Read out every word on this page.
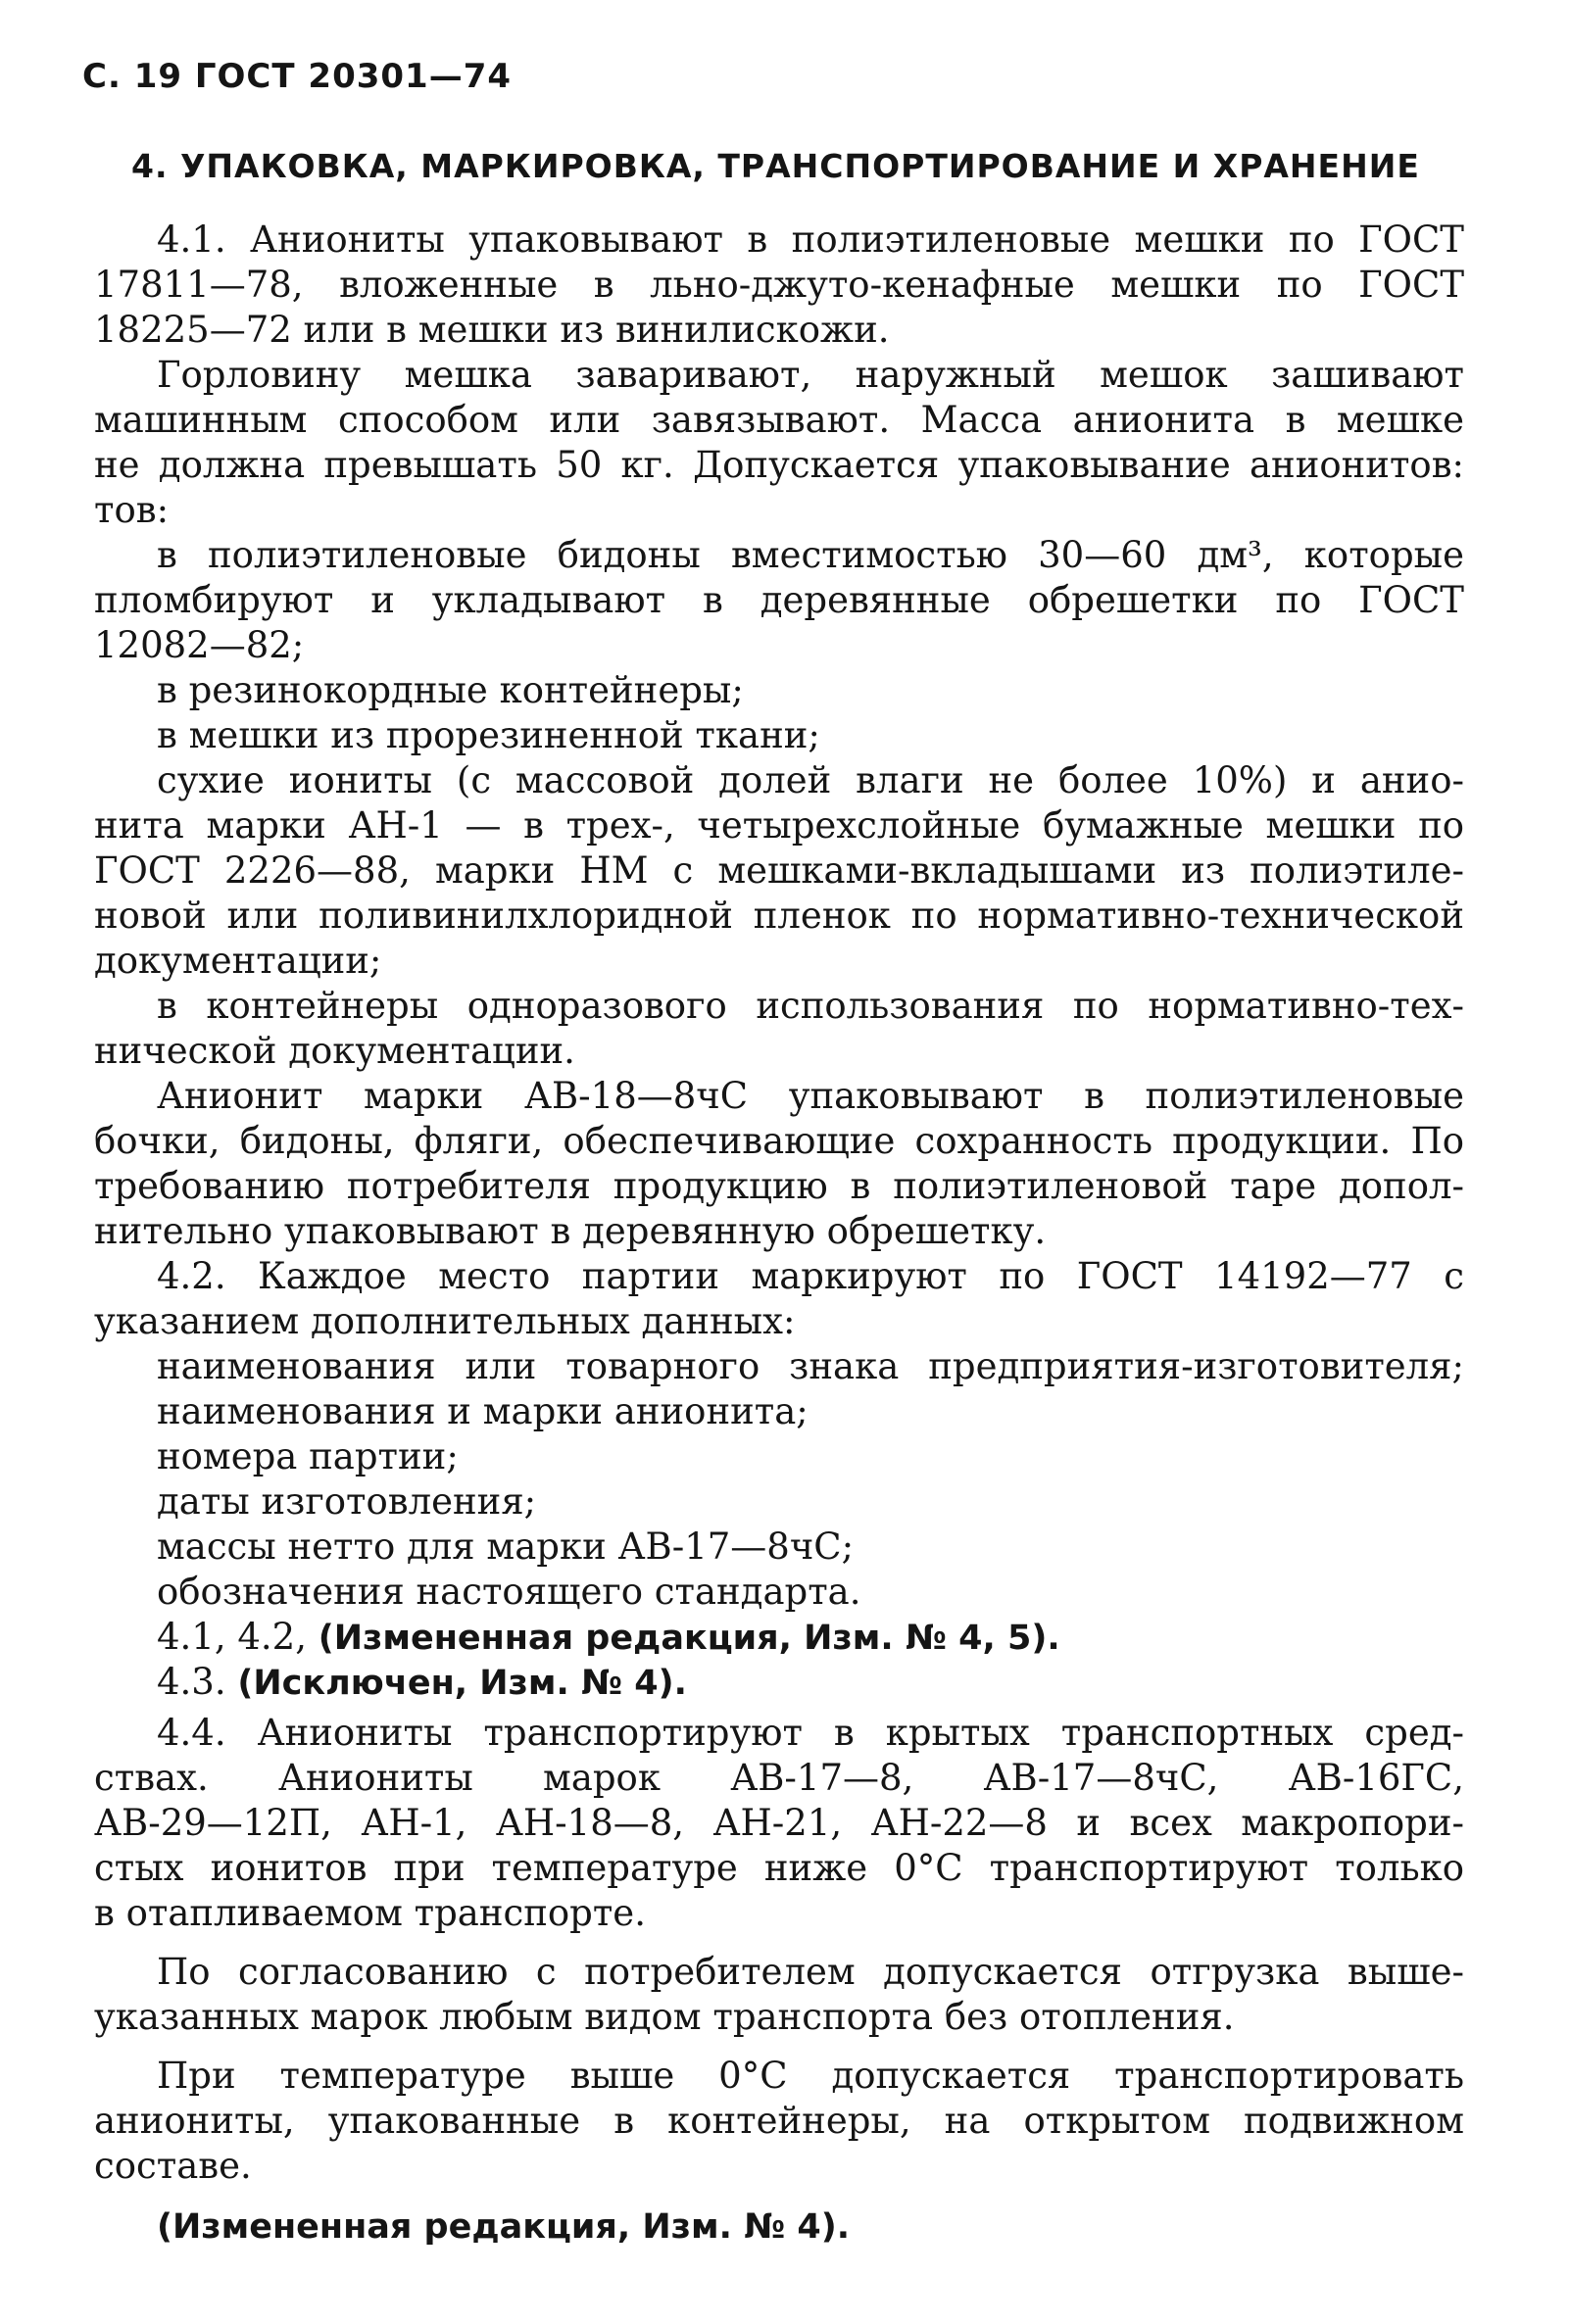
С. 19 ГОСТ 20301—74
4. УПАКОВКА, МАРКИРОВКА, ТРАНСПОРТИРОВАНИЕ И ХРАНЕНИЕ
4.1. Аниониты упаковывают в полиэтиленовые мешки по ГОСТ
17811—78, вложенные в льно-джуто-кенафные мешки по ГОСТ
18225—72 или в мешки из винилискожи.
Горловину мешка заваривают, наружный мешок зашивают
машинным способом или завязывают. Масса анионита в мешке
не должна превышать 50 кг. Допускается упаковывание анионитов:
тов:
в полиэтиленовые бидоны вместимостью 30—60 дм³, которые
пломбируют и укладывают в деревянные обрешетки по ГОСТ
12082—82;
в резинокордные контейнеры;
в мешки из прорезиненной ткани;
сухие иониты (с массовой долей влаги не более 10%) и анио-
нита марки АН-1 — в трех-, четырехслойные бумажные мешки по
ГОСТ 2226—88, марки НМ с мешками-вкладышами из полиэтиле-
новой или поливинилхлоридной пленок по нормативно-технической
документации;
в контейнеры одноразового использования по нормативно-тех-
нической документации.
Анионит марки АВ-18—8чС упаковывают в полиэтиленовые
бочки, бидоны, фляги, обеспечивающие сохранность продукции. По
требованию потребителя продукцию в полиэтиленовой таре допол-
нительно упаковывают в деревянную обрешетку.
4.2. Каждое место партии маркируют по ГОСТ 14192—77 с
указанием дополнительных данных:
наименования или товарного знака предприятия-изготовителя;
наименования и марки анионита;
номера партии;
даты изготовления;
массы нетто для марки АВ-17—8чС;
обозначения настоящего стандарта.
4.1, 4.2, (Измененная редакция, Изм. № 4, 5).
4.3. (Исключен, Изм. № 4).
4.4. Аниониты транспортируют в крытых транспортных сред-
ствах. Аниониты марок АВ-17—8, АВ-17—8чС, АВ-16ГС,
АВ-29—12П, АН-1, АН-18—8, АН-21, АН-22—8 и всех макропори-
стых ионитов при температуре ниже 0°С транспортируют только
в отапливаемом транспорте.
По согласованию с потребителем допускается отгрузка выше-
указанных марок любым видом транспорта без отопления.
При температуре выше 0°С допускается транспортировать
аниониты, упакованные в контейнеры, на открытом подвижном
составе.
(Измененная редакция, Изм. № 4).
